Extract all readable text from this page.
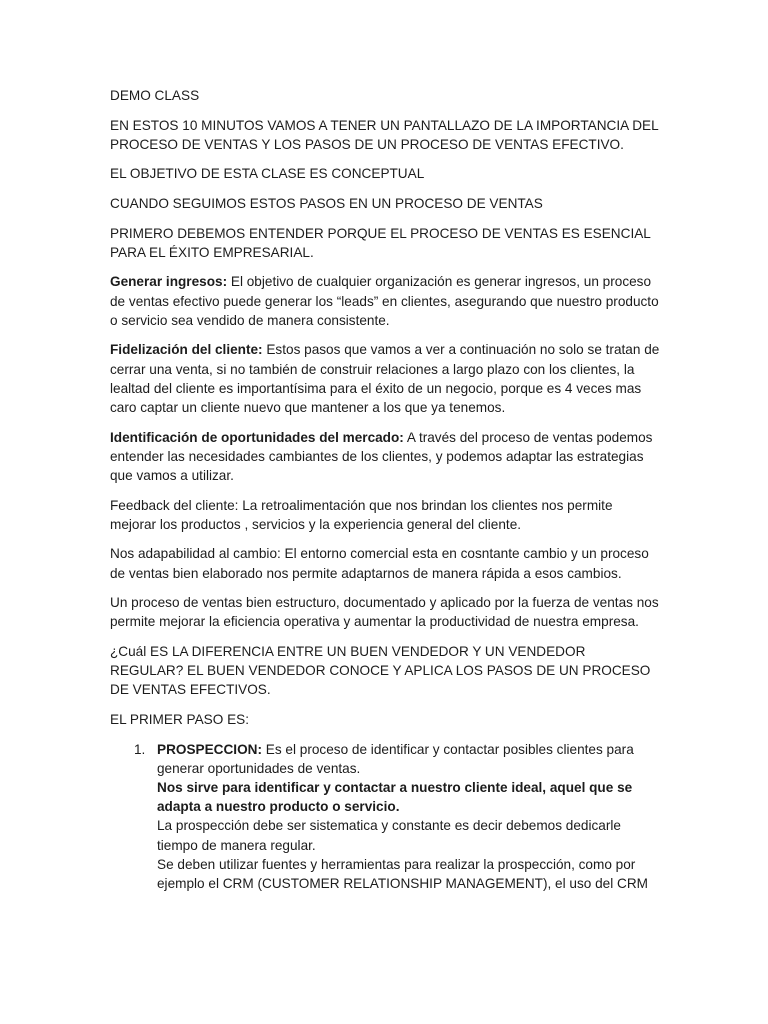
DEMO CLASS

EN ESTOS 10 MINUTOS VAMOS A TENER UN PANTALLAZO DE LA IMPORTANCIA DEL PROCESO DE VENTAS Y LOS PASOS DE UN PROCESO DE VENTAS EFECTIVO.

EL OBJETIVO DE ESTA CLASE ES CONCEPTUAL

CUANDO SEGUIMOS ESTOS PASOS EN UN PROCESO DE VENTAS

PRIMERO DEBEMOS ENTENDER PORQUE EL PROCESO DE VENTAS ES ESENCIAL PARA EL ÉXITO EMPRESARIAL.

Generar ingresos: El objetivo de cualquier organización es generar ingresos, un proceso de ventas efectivo puede generar los “leads” en clientes, asegurando que nuestro producto o servicio sea vendido de manera consistente.

Fidelización del cliente: Estos pasos que vamos a ver a continuación no solo se tratan de cerrar una venta, si no también de construir relaciones a largo plazo con los clientes, la lealtad del cliente es importantísima para el éxito de un negocio, porque es 4 veces mas caro captar un cliente nuevo que mantener a los que ya tenemos.

Identificación de oportunidades del mercado: A través del proceso de ventas podemos entender las necesidades cambiantes de los clientes, y podemos adaptar las estrategias que vamos a utilizar.

Feedback del cliente: La retroalimentación que nos brindan los clientes nos permite mejorar los productos , servicios y la experiencia general del cliente.

Nos adapabilidad al cambio: El entorno comercial esta en cosntante cambio y un proceso de ventas bien elaborado nos permite adaptarnos de manera rápida a esos cambios.

Un proceso de ventas bien estructuro, documentado y aplicado por la fuerza de ventas nos permite mejorar la eficiencia operativa y aumentar la productividad de nuestra empresa.

¿Cuál ES LA DIFERENCIA ENTRE UN BUEN VENDEDOR Y UN VENDEDOR REGULAR? EL BUEN VENDEDOR CONOCE Y APLICA LOS PASOS DE UN PROCESO DE VENTAS EFECTIVOS.

EL PRIMER PASO ES:

1. PROSPECCION: Es el proceso de identificar y contactar posibles clientes para generar oportunidades de ventas.
Nos sirve para identificar y contactar a nuestro cliente ideal, aquel que se adapta a nuestro producto o servicio.
La prospección debe ser sistematica y constante es decir debemos dedicarle tiempo de manera regular.
Se deben utilizar fuentes y herramientas para realizar la prospección, como por ejemplo el CRM (CUSTOMER RELATIONSHIP MANAGEMENT), el uso del CRM
